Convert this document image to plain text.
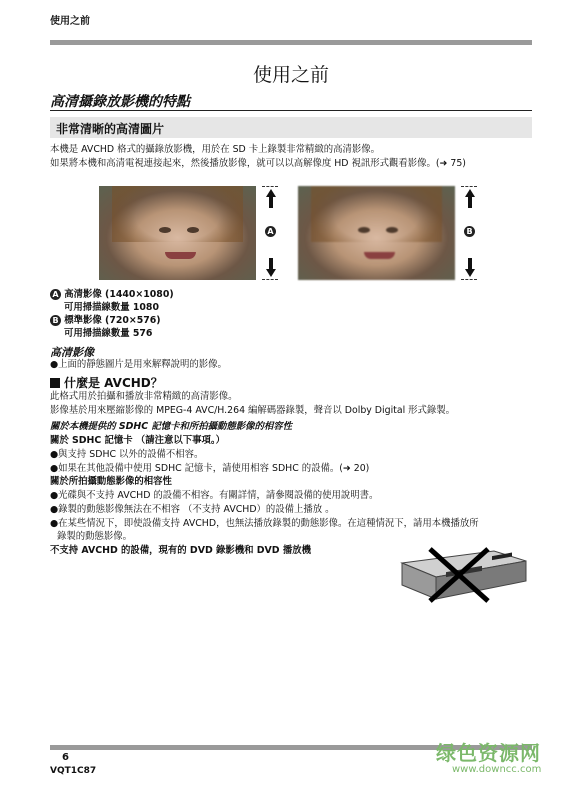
使用之前
使用之前
高清攝錄放影機的特點
非常清晰的高清圖片
本機是 AVCHD 格式的攝錄放影機，用於在 SD 卡上錄製非常精緻的高清影像。
如果將本機和高清電視連接起來，然後播放影像，就可以以高解像度 HD 視訊形式觀看影像。(➜ 75)
A	B
A 高清影像 (1440×1080)
可用掃描線數量 1080
B 標準影像 (720×576)
可用掃描線數量 576
高清影像
●上面的靜態圖片是用來解釋說明的影像。
什麼是 AVCHD？
此格式用於拍攝和播放非常精緻的高清影像。
影像基於用來壓縮影像的 MPEG-4 AVC/H.264 編解碼器錄製，聲音以 Dolby Digital 形式錄製。
關於本機提供的 SDHC 記憶卡和所拍攝動態影像的相容性
關於 SDHC 記憶卡 （請注意以下事項。）
●與支持 SDHC 以外的設備不相容。
●如果在其他設備中使用 SDHC 記憶卡，請使用相容 SDHC 的設備。(➜ 20)
關於所拍攝動態影像的相容性
●光碟與不支持 AVCHD 的設備不相容。有關詳情，請參閱設備的使用說明書。
●錄製的動態影像無法在不相容 （不支持 AVCHD）的設備上播放 。
●在某些情況下，即使設備支持 AVCHD，也無法播放錄製的動態影像。在這種情況下，請用本機播放所
錄製的動態影像。
不支持 AVCHD 的設備，現有的 DVD 錄影機和 DVD 播放機
6
VQT1C87
绿色资源网
www.downcc.com
